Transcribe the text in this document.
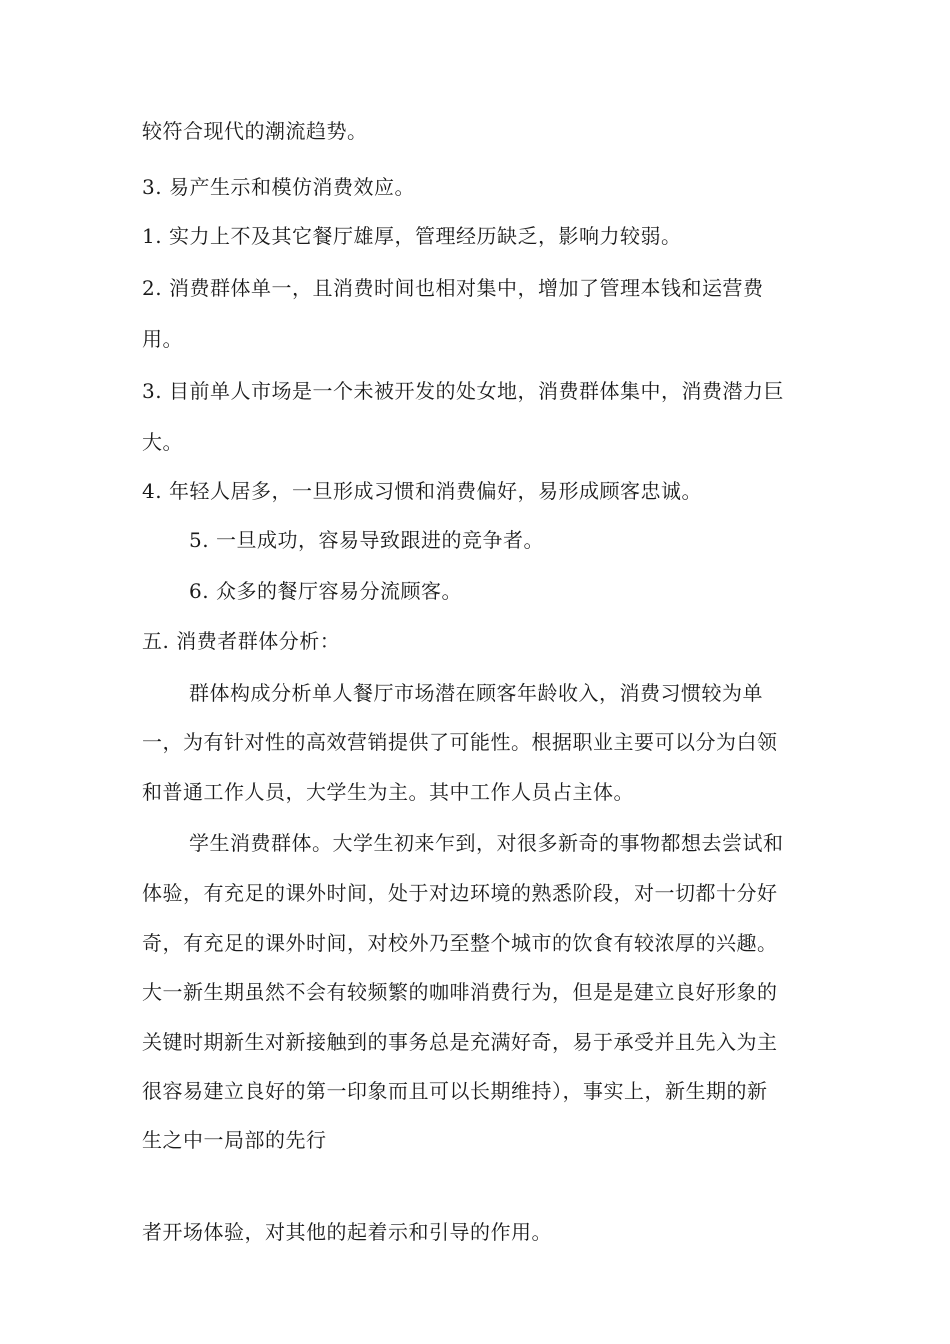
较符合现代的潮流趋势。
3. 易产生示和模仿消费效应。
1. 实力上不及其它餐厅雄厚，管理经历缺乏，影响力较弱。
2. 消费群体单一，且消费时间也相对集中，增加了管理本钱和运营费
用。
3. 目前单人市场是一个未被开发的处女地，消费群体集中，消费潜力巨
大。
4. 年轻人居多，一旦形成习惯和消费偏好，易形成顾客忠诚。
5. 一旦成功，容易导致跟进的竞争者。
6. 众多的餐厅容易分流顾客。
五. 消费者群体分析：
群体构成分析单人餐厅市场潜在顾客年龄收入，消费习惯较为单
一，为有针对性的高效营销提供了可能性。根据职业主要可以分为白领
和普通工作人员，大学生为主。其中工作人员占主体。
学生消费群体。大学生初来乍到，对很多新奇的事物都想去尝试和
体验，有充足的课外时间，处于对边环境的熟悉阶段，对一切都十分好
奇，有充足的课外时间，对校外乃至整个城市的饮食有较浓厚的兴趣。
大一新生期虽然不会有较频繁的咖啡消费行为，但是是建立良好形象的
关键时期新生对新接触到的事务总是充满好奇，易于承受并且先入为主
很容易建立良好的第一印象而且可以长期维持），事实上，新生期的新
生之中一局部的先行
者开场体验，对其他的起着示和引导的作用。
